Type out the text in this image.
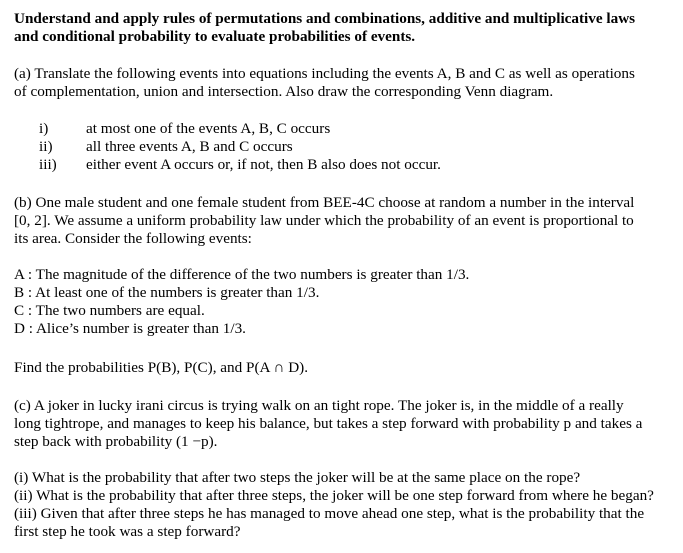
Understand and apply rules of permutations and combinations, additive and multiplicative laws
and conditional probability to evaluate probabilities of events.
(a) Translate the following events into equations including the events A, B and C as well as operations
of complementation, union and intersection. Also draw the corresponding Venn diagram.
i) at most one of the events A, B, C occurs
ii) all three events A, B and C occurs
iii) either event A occurs or, if not, then B also does not occur.
(b) One male student and one female student from BEE-4C choose at random a number in the interval
[0, 2]. We assume a uniform probability law under which the probability of an event is proportional to
its area. Consider the following events:
A : The magnitude of the difference of the two numbers is greater than 1/3.
B : At least one of the numbers is greater than 1/3.
C : The two numbers are equal.
D : Alice’s number is greater than 1/3.
Find the probabilities P(B), P(C), and P(A ∩ D).
(c) A joker in lucky irani circus is trying walk on an tight rope. The joker is, in the middle of a really
long tightrope, and manages to keep his balance, but takes a step forward with probability p and takes a
step back with probability (1 −p).
(i) What is the probability that after two steps the joker will be at the same place on the rope?
(ii) What is the probability that after three steps, the joker will be one step forward from where he began?
(iii) Given that after three steps he has managed to move ahead one step, what is the probability that the
first step he took was a step forward?
